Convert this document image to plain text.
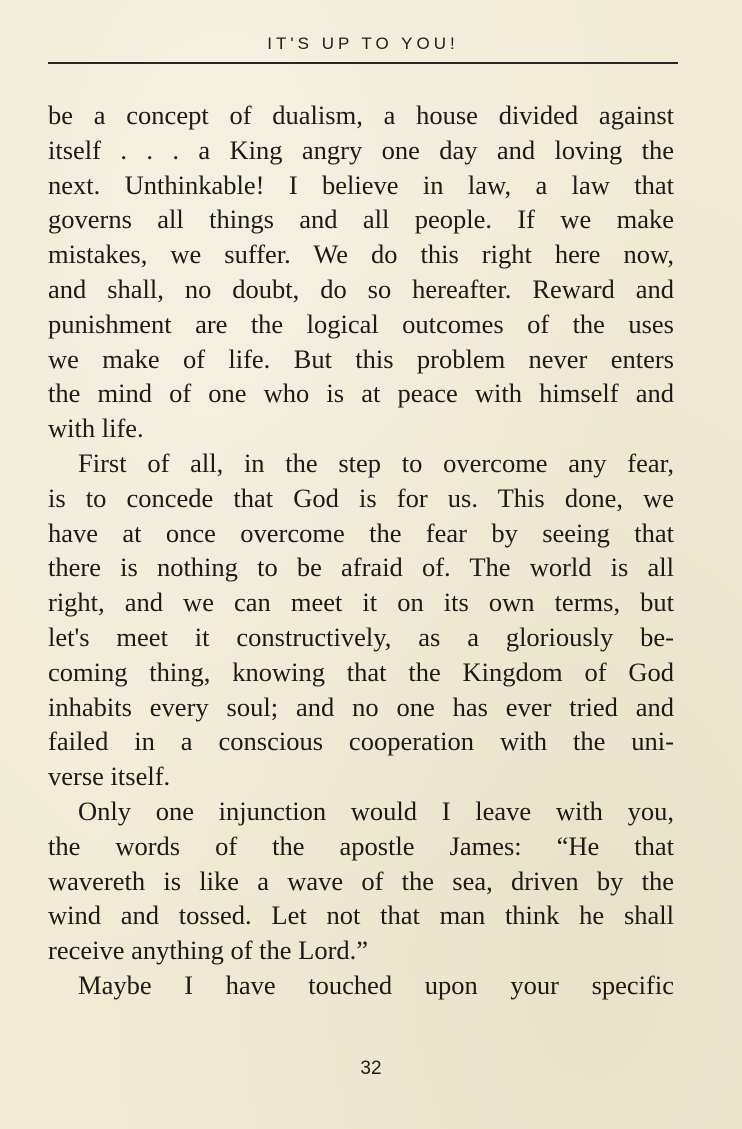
IT'S UP TO YOU!
be a concept of dualism, a house divided against
itself . . . a King angry one day and loving the
next. Unthinkable! I believe in law, a law that
governs all things and all people. If we make
mistakes, we suffer. We do this right here now,
and shall, no doubt, do so hereafter. Reward and
punishment are the logical outcomes of the uses
we make of life. But this problem never enters
the mind of one who is at peace with himself and
with life.
First of all, in the step to overcome any fear,
is to concede that God is for us. This done, we
have at once overcome the fear by seeing that
there is nothing to be afraid of. The world is all
right, and we can meet it on its own terms, but
let's meet it constructively, as a gloriously be-
coming thing, knowing that the Kingdom of God
inhabits every soul; and no one has ever tried and
failed in a conscious cooperation with the uni-
verse itself.
Only one injunction would I leave with you,
the words of the apostle James: “He that
wavereth is like a wave of the sea, driven by the
wind and tossed. Let not that man think he shall
receive anything of the Lord.”
Maybe I have touched upon your specific
32
